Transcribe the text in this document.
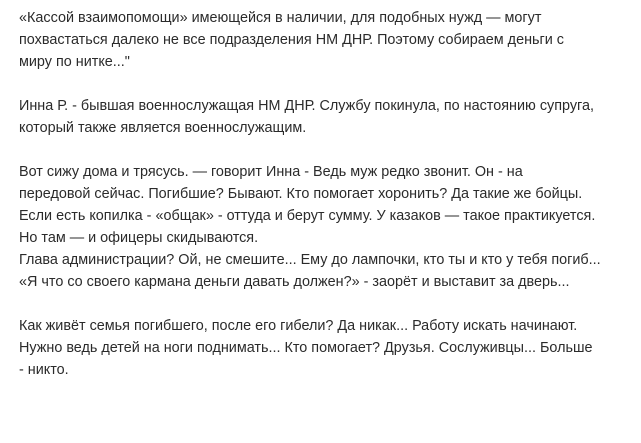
«Кассой взаимопомощи» имеющейся в наличии, для подобных нужд — могут
похвастаться далеко не все подразделения НМ ДНР. Поэтому собираем деньги с
миру по нитке..."
Инна Р. - бывшая военнослужащая НМ ДНР. Службу покинула, по настоянию супруга,
который также является военнослужащим.
Вот сижу дома и трясусь. — говорит Инна - Ведь муж редко звонит. Он - на
передовой сейчас. Погибшие? Бывают. Кто помогает хоронить? Да такие же бойцы.
Если есть копилка - «общак» - оттуда и берут сумму. У казаков — такое практикуется.
Но там — и офицеры скидываются.
Глава администрации? Ой, не смешите... Ему до лампочки, кто ты и кто у тебя погиб...
«Я что со своего кармана деньги давать должен?» - заорёт и выставит за дверь...
Как живёт семья погибшего, после его гибели? Да никак... Работу искать начинают.
Нужно ведь детей на ноги поднимать... Кто помогает? Друзья. Сослуживцы... Больше
- никто.
